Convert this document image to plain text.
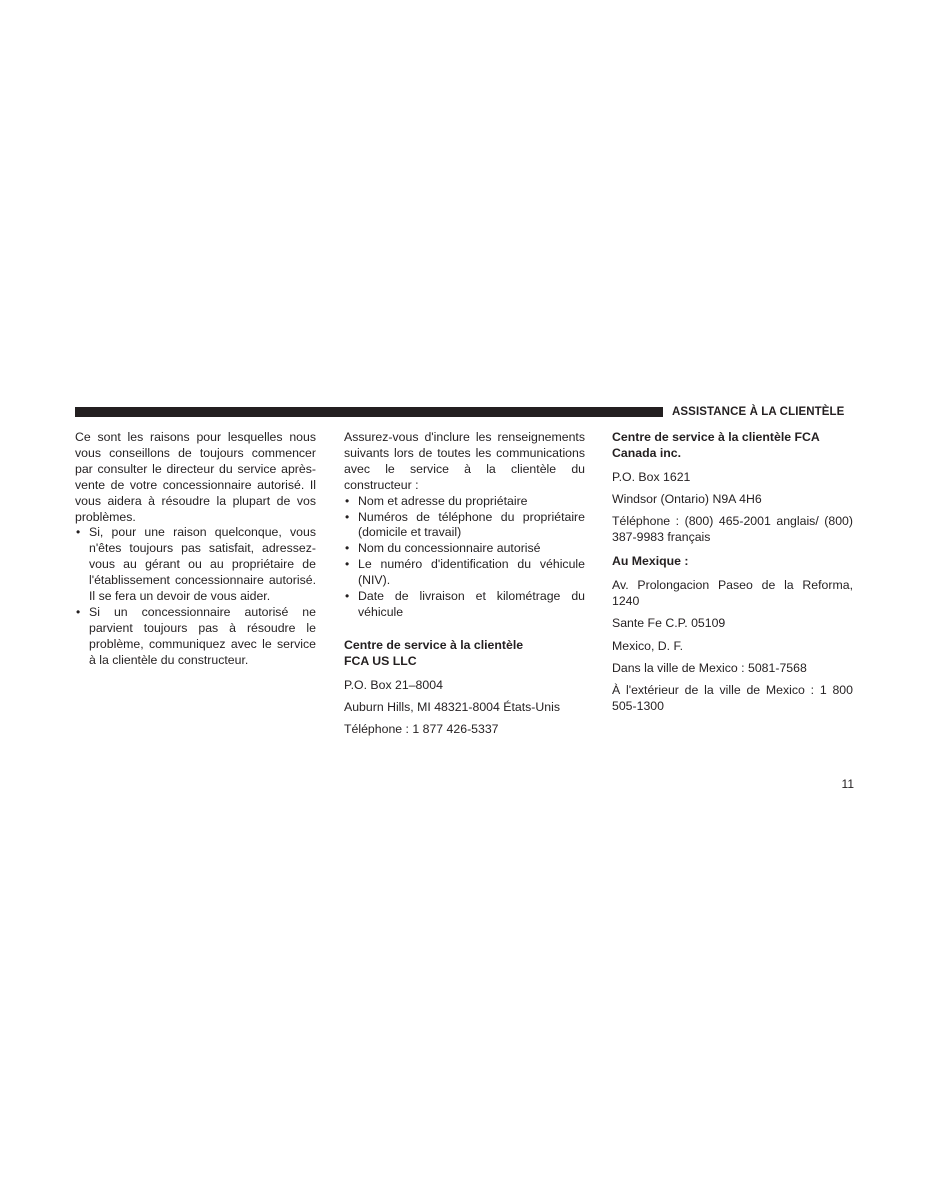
ASSISTANCE À LA CLIENTÈLE

Ce sont les raisons pour lesquelles nous vous conseillons de toujours commencer par consulter le directeur du service après-vente de votre concessionnaire autorisé. Il vous aidera à résoudre la plupart de vos problèmes.

• Si, pour une raison quelconque, vous n'êtes toujours pas satisfait, adressez-vous au gérant ou au propriétaire de l'établissement concessionnaire autorisé. Il se fera un devoir de vous aider.
• Si un concessionnaire autorisé ne parvient toujours pas à résoudre le problème, communiquez avec le service à la clientèle du constructeur.

Assurez-vous d'inclure les renseignements suivants lors de toutes les communications avec le service à la clientèle du constructeur :

• Nom et adresse du propriétaire
• Numéros de téléphone du propriétaire (domicile et travail)
• Nom du concessionnaire autorisé
• Le numéro d'identification du véhicule (NIV).
• Date de livraison et kilométrage du véhicule
Centre de service à la clientèle
FCA US LLC

P.O. Box 21–8004

Auburn Hills, MI 48321-8004 États-Unis

Téléphone : 1 877 426-5337

Centre de service à la clientèle FCA
Canada inc.

P.O. Box 1621

Windsor (Ontario) N9A 4H6

Téléphone : (800) 465-2001 anglais/ (800) 387-9983 français

Au Mexique :

Av. Prolongacion Paseo de la Reforma, 1240

Sante Fe C.P. 05109

Mexico, D. F.

Dans la ville de Mexico : 5081-7568

À l'extérieur de la ville de Mexico : 1 800 505-1300

11
